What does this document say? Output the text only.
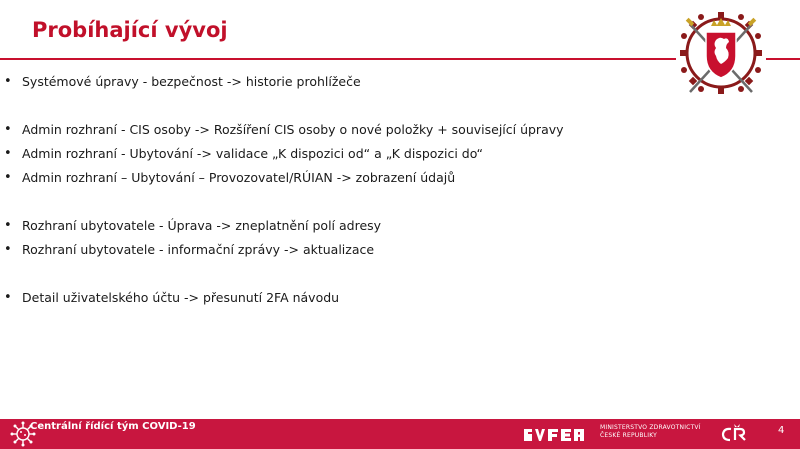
Probíhající vývoj
• Systémové úpravy - bezpečnost -> historie prohlížeče
• Admin rozhraní - CIS osoby -> Rozšíření CIS osoby o nové položky + související úpravy
• Admin rozhraní - Ubytování -> validace „K dispozici od“ a „K dispozici do“
• Admin rozhraní – Ubytování – Provozovatel/RÚIAN -> zobrazení údajů
• Rozhraní ubytovatele - Úprava -> zneplatnění polí adresy
• Rozhraní ubytovatele - informační zprávy -> aktualizace
• Detail uživatelského účtu -> přesunutí 2FA návodu
Centrální řídící tým COVID-19	MINISTERSTVO ZDRAVOTNICTVÍ
ČESKÉ REPUBLIKY	4
